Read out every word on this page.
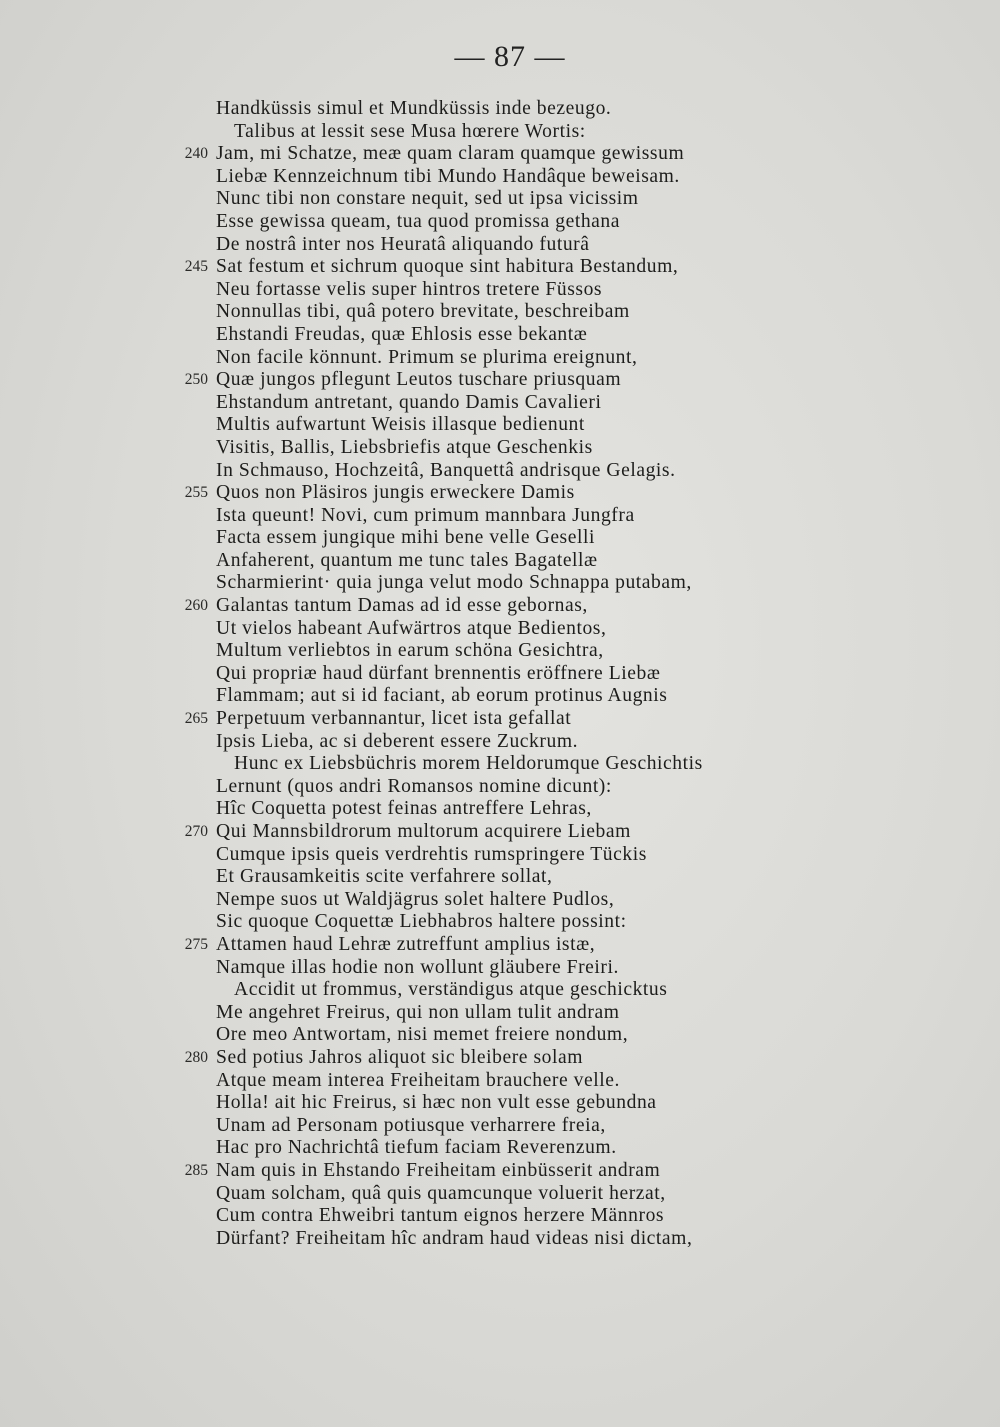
— 87 —
Handküssis simul et Mundküssis inde bezeugo.
Talibus at lessit sese Musa hœrere Wortis:
240 Jam, mi Schatze, meæ quam claram quamque gewissum
Liebæ Kennzeichnum tibi Mundo Handâque beweisam.
Nunc tibi non constare nequit, sed ut ipsa vicissim
Esse gewissa queam, tua quod promissa gethana
De nostrâ inter nos Heuratâ aliquando futurâ
245 Sat festum et sichrum quoque sint habitura Bestandum,
Neu fortasse velis super hintros tretere Füssos
Nonnullas tibi, quâ potero brevitate, beschreibam
Ehstandi Freudas, quæ Ehlosis esse bekantæ
Non facile könnunt. Primum se plurima ereignunt,
250 Quæ jungos pflegunt Leutos tuschare priusquam
Ehstandum antretant, quando Damis Cavalieri
Multis aufwartunt Weisis illasque bedienunt
Visitis, Ballis, Liebsbriefis atque Geschenkis
In Schmauso, Hochzeitâ, Banquettâ andrisque Gelagis.
255 Quos non Pläsiros jungis erweckere Damis
Ista queunt! Novi, cum primum mannbara Jungfra
Facta essem jungique mihi bene velle Geselli
Anfaherent, quantum me tunc tales Bagatellæ
Scharmierint· quia junga velut modo Schnappa putabam,
260 Galantas tantum Damas ad id esse gebornas,
Ut vielos habeant Aufwärtros atque Bedientos,
Multum verliebtos in earum schöna Gesichtra,
Qui propriæ haud dürfant brennentis eröffnere Liebæ
Flammam; aut si id faciant, ab eorum protinus Augnis
265 Perpetuum verbannantur, licet ista gefallat
Ipsis Lieba, ac si deberent essere Zuckrum.
Hunc ex Liebsbüchris morem Heldorumque Geschichtis
Lernunt (quos andri Romansos nomine dicunt):
Hîc Coquetta potest feinas antreffere Lehras,
270 Qui Mannsbildrorum multorum acquirere Liebam
Cumque ipsis queis verdrehtis rumspringere Tückis
Et Grausamkeitis scite verfahrere sollat,
Nempe suos ut Waldjägrus solet haltere Pudlos,
Sic quoque Coquettæ Liebhabros haltere possint:
275 Attamen haud Lehræ zutreffunt amplius istæ,
Namque illas hodie non wollunt gläubere Freiri.
Accidit ut frommus, verständigus atque geschicktus
Me angehret Freirus, qui non ullam tulit andram
Ore meo Antwortam, nisi memet freiere nondum,
280 Sed potius Jahros aliquot sic bleibere solam
Atque meam interea Freiheitam brauchere velle.
Holla! ait hic Freirus, si hæc non vult esse gebundna
Unam ad Personam potiusque verharrere freia,
Hac pro Nachrichtâ tiefum faciam Reverenzum.
285 Nam quis in Ehstando Freiheitam einbüsserit andram
Quam solcham, quâ quis quamcunque voluerit herzat,
Cum contra Ehweibri tantum eignos herzere Männros
Dürfant? Freiheitam hîc andram haud videas nisi dictam,
